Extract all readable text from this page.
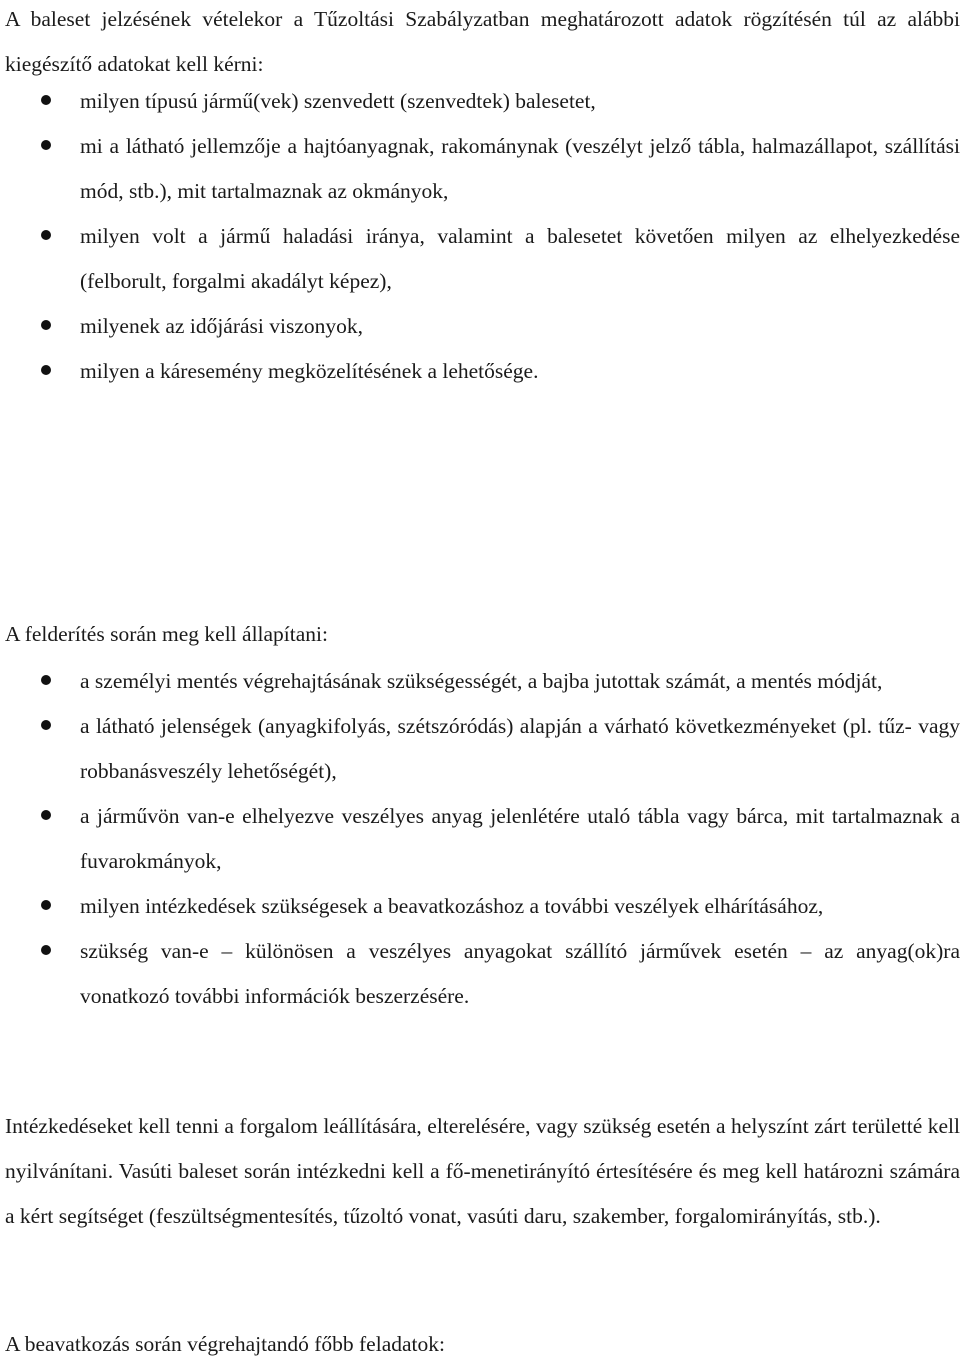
A baleset jelzésének vételekor a Tűzoltási Szabályzatban meghatározott adatok rögzítésén túl az alábbi kiegészítő adatokat kell kérni:

milyen típusú jármű(vek) szenvedett (szenvedtek) balesetet,
mi a látható jellemzője a hajtóanyagnak, rakománynak (veszélyt jelző tábla, halmazállapot, szállítási mód, stb.), mit tartalmaznak az okmányok,
milyen volt a jármű haladási iránya, valamint a balesetet követően milyen az elhelyezkedése (felborult, forgalmi akadályt képez),
milyenek az időjárási viszonyok,
milyen a káresemény megközelítésének a lehetősége.

A felderítés során meg kell állapítani:

a személyi mentés végrehajtásának szükségességét, a bajba jutottak számát, a mentés módját,
a látható jelenségek (anyagkifolyás, szétszóródás) alapján a várható következményeket (pl. tűz- vagy robbanásveszély lehetőségét),
a járművön van-e elhelyezve veszélyes anyag jelenlétére utaló tábla vagy bárca, mit tartalmaznak a fuvarokmányok,
milyen intézkedések szükségesek a beavatkozáshoz a további veszélyek elhárításához,
szükség van-e – különösen a veszélyes anyagokat szállító járművek esetén – az anyag(ok)ra vonatkozó további információk beszerzésére.

Intézkedéseket kell tenni a forgalom leállítására, elterelésére, vagy szükség esetén a helyszínt zárt területté kell nyilvánítani. Vasúti baleset során intézkedni kell a fő-menetirányító értesítésére és meg kell határozni számára a kért segítséget (feszültségmentesítés, tűzoltó vonat, vasúti daru, szakember, forgalomirányítás, stb.).

A beavatkozás során végrehajtandó főbb feladatok:
